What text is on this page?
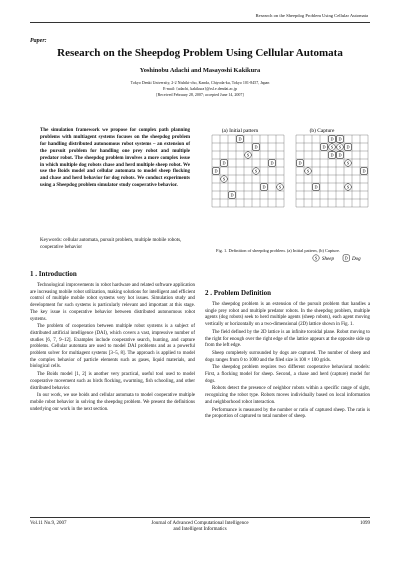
Research on the Sheepdog Problem Using Cellular Automata
Paper:
Research on the Sheepdog Problem Using Cellular Automata
Yoshinobu Adachi and Masayoshi Kakikura
Tokyo Denki University, 2-2 Nishiki-cho, Kanda, Chiyoda-ku, Tokyo 101-8457, Japan
E-mail: {adachi, kakikura}@rsl.e.dendai.ac.jp
[Received February 28, 2007; accepted June 14, 2007]
The simulation framework we propose for complex path planning problems with multiagent systems focuses on the sheepdog problem for handling distributed autonomous robot systems – an extension of the pursuit problem for handling one prey robot and multiple predator robot. The sheepdog problem involves a more complex issue in which multiple dog robots chase and herd multiple sheep robot. We use the Boids model and cellular automata to model sheep flocking and chase and herd behavior for dog robots. We conduct experiments using a Sheepdog problem simulator study cooperative behavior.
Keywords: cellular automata, pursuit problem, multiple mobile robots, cooperative behavior
(a) Initial pattern	(b) Capture
D
D
S
D	D
D	S
S
D	S
D
D D
D S S D
D D
D	S
S	D
D	S
S Sheep	D Dog
Fig. 1. Definition of sheepdog problem. (a) Initial pattern, (b) Capture.
1 . Introduction

Technological improvements in robot hardware and related software application are increasing mobile robot utilization, making solutions for intelligent and efficient control of multiple mobile robot systems very hot issues. Simulation study and development for such systems is particularly relevant and important at this stage. The key issue is cooperative behavior between distributed autonomous robot systems.

The problem of cooperation between multiple robot systems is a subject of distributed artificial intelligence (DAI), which covers a vast, impressive number of studies [6, 7, 9–12]. Examples include cooperative search, hunting, and capture problems. Cellular automata are used to model DAI problems and as a powerful problem solver for multiagent systems [3–5, 8]. The approach is applied to model the complex behavior of particle elements such as gases, liquid materials, and biological cells.

The Boids model [1, 2] is another very practical, useful tool used to model cooperative movement such as birds flocking, swarming, fish schooling, and other distributed behavior.

In our work, we use boids and cellular automata to model cooperative multiple mobile robot behavior in solving the sheepdog problem. We present the definitions underlying our work in the next section.

2 . Problem Definition

The sheepdog problem is an extension of the pursuit problem that handles a single prey robot and multiple predator robots. In the sheepdog problem, multiple agents (dog robots) seek to herd multiple agents (sheep robots), each agent moving vertically or horizontally on a two-dimensional (2D) lattice shown in Fig. 1.

The field defined by the 2D lattice is an infinite toroidal plane. Robot moving to the right for enough over the right edge of the lattice appears at the opposite side up from the left edge.

Sheep completely surrounded by dogs are captured. The number of sheep and dogs ranges from 0 to 1000 and the filed size is 100 × 100 grids.

The sheepdog problem requires two different cooperative behavioral models: First, a flocking model for sheep. Second, a chase and herd (capture) model for dogs.

Robots detect the presence of neighbor robots within a specific range of sight, recognizing the robot type. Robots moves individually based on local information and neighborhood robot interaction.

Performance is measured by the number or ratio of captured sheep. The ratio is the proportion of captured to total number of sheep.

Vol.11 No.9, 2007	Journal of Advanced Computational Intelligence
and Intelligent Informatics
1099
